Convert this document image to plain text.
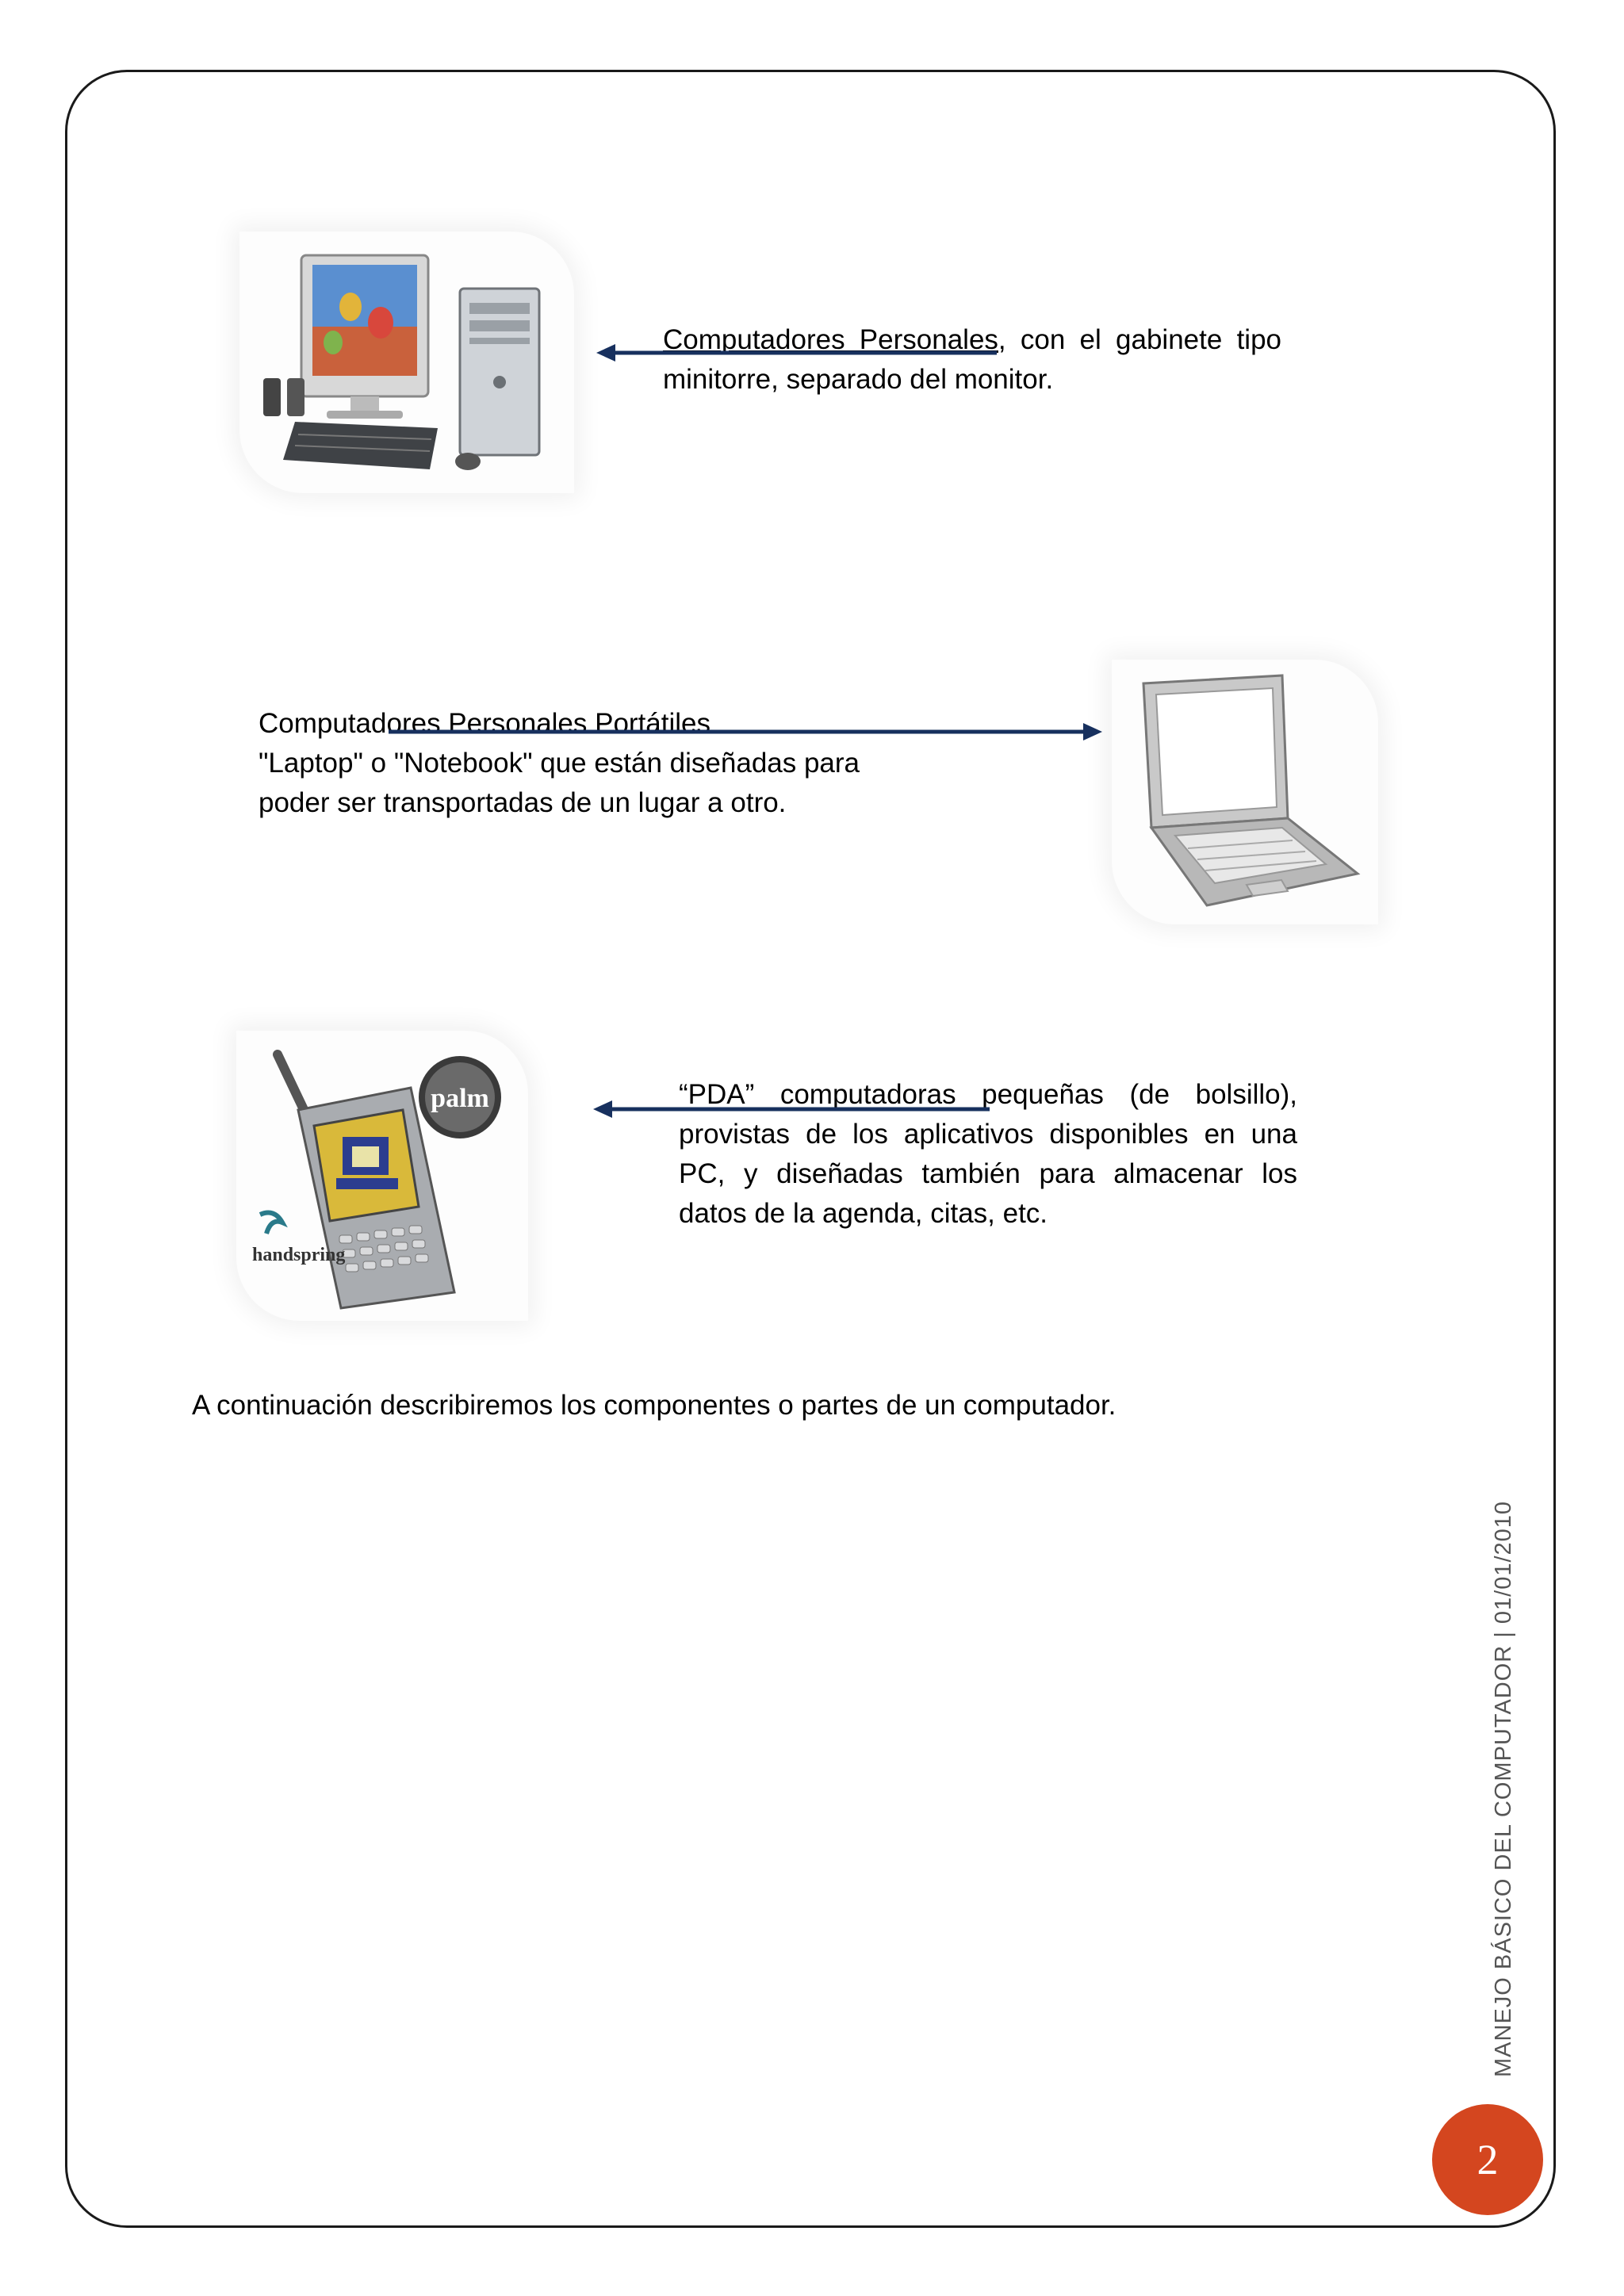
Computadores Personales, con el gabinete tipo
minitorre, separado del monitor.
Computadores Personales Portátiles
"Laptop" o "Notebook" que están diseñadas para
poder ser transportadas de un lugar a otro.
palm
handspring
“PDA” computadoras pequeñas (de bolsillo),
provistas de los aplicativos disponibles en una
PC, y diseñadas también para almacenar los
datos de la agenda, citas, etc.
A continuación describiremos los componentes o partes de un computador.
MANEJO BÁSICO DEL COMPUTADOR | 01/01/2010
2
